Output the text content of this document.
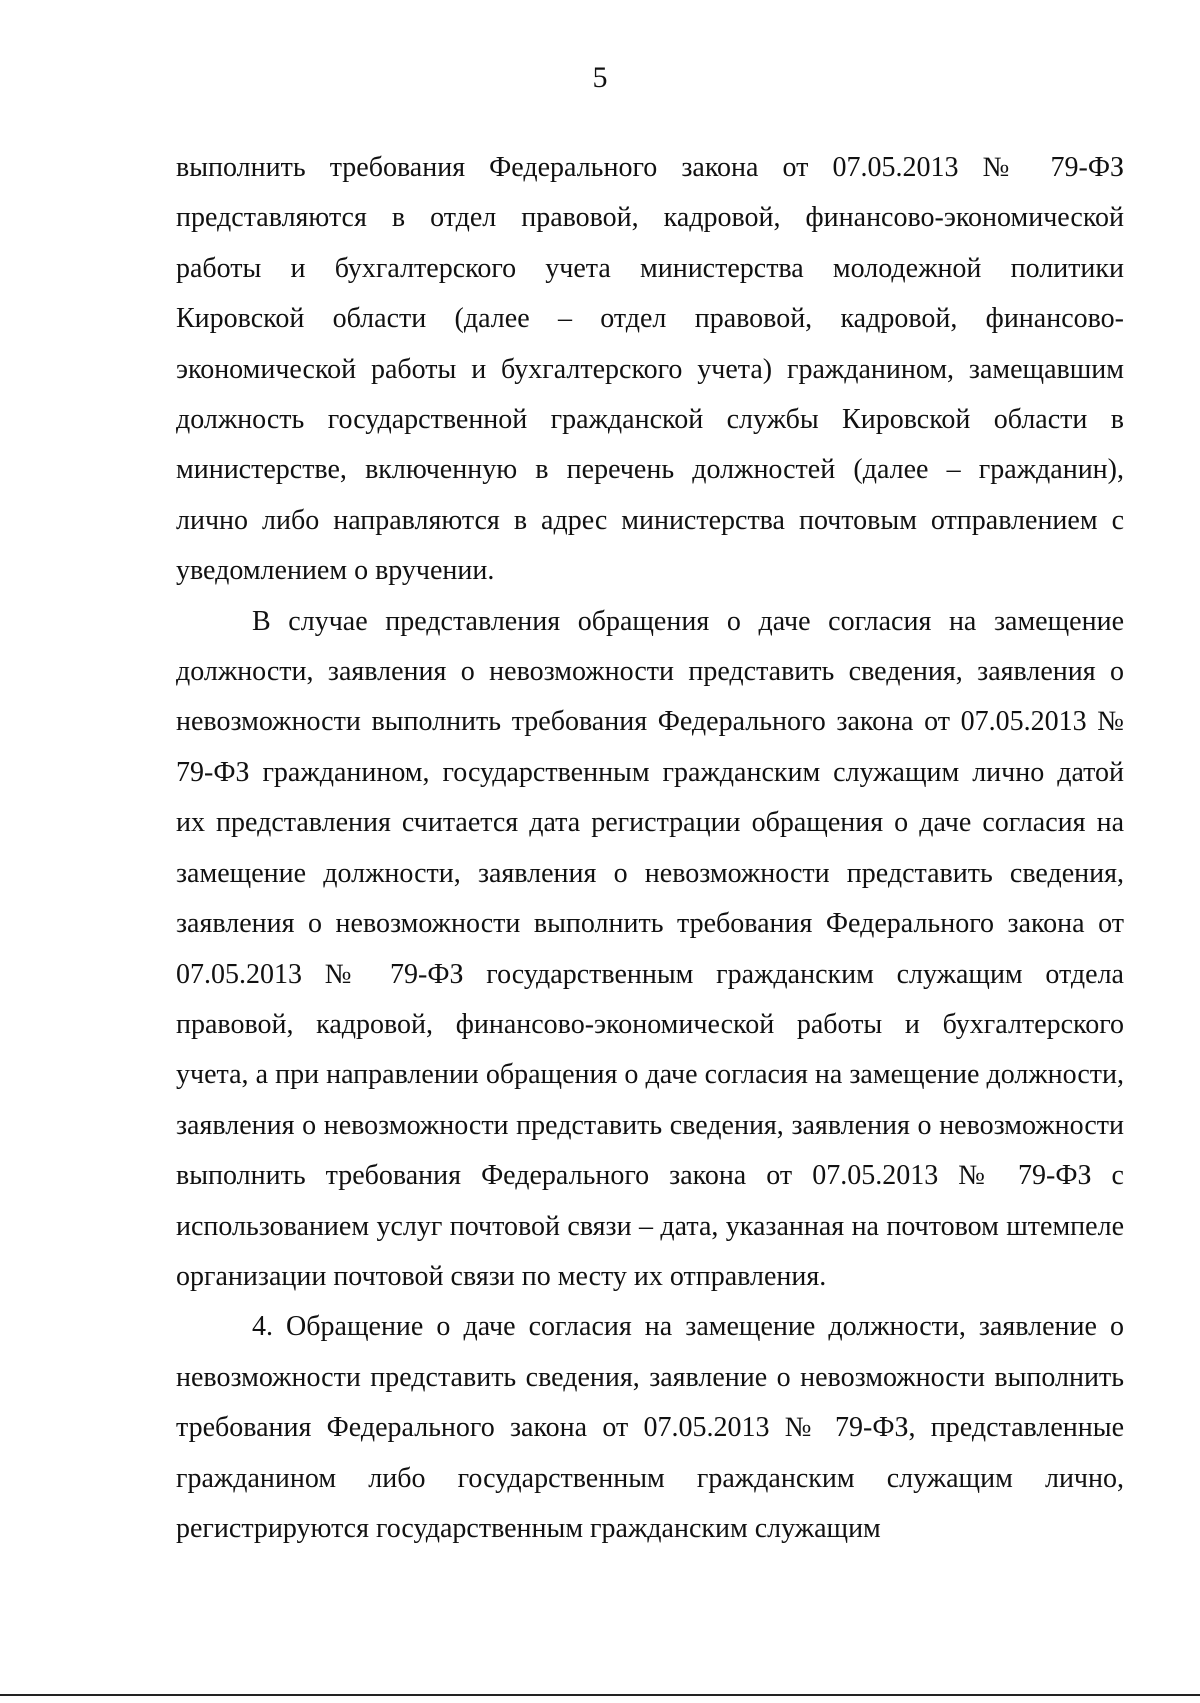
5

выполнить требования Федерального закона от 07.05.2013 № 79-ФЗ представляются в отдел правовой, кадровой, финансово-экономической работы и бухгалтерского учета министерства молодежной политики Кировской области (далее – отдел правовой, кадровой, финансово-экономической работы и бухгалтерского учета) гражданином, замещавшим должность государственной гражданской службы Кировской области в министерстве, включенную в перечень должностей (далее – гражданин), лично либо направляются в адрес министерства почтовым отправлением с уведомлением о вручении.

В случае представления обращения о даче согласия на замещение должности, заявления о невозможности представить сведения, заявления о невозможности выполнить требования Федерального закона от 07.05.2013 № 79-ФЗ гражданином, государственным гражданским служащим лично датой их представления считается дата регистрации обращения о даче согласия на замещение должности, заявления о невозможности представить сведения, заявления о невозможности выполнить требования Федерального закона от 07.05.2013 № 79-ФЗ государственным гражданским служащим отдела правовой, кадровой, финансово-экономической работы и бухгалтерского учета, а при направлении обращения о даче согласия на замещение должности, заявления о невозможности представить сведения, заявления о невозможности выполнить требования Федерального закона от 07.05.2013 № 79-ФЗ с использованием услуг почтовой связи – дата, указанная на почтовом штемпеле организации почтовой связи по месту их отправления.

4. Обращение о даче согласия на замещение должности, заявление о невозможности представить сведения, заявление о невозможности выполнить требования Федерального закона от 07.05.2013 № 79-ФЗ, представленные гражданином либо государственным гражданским служащим лично, регистрируются государственным гражданским служащим
